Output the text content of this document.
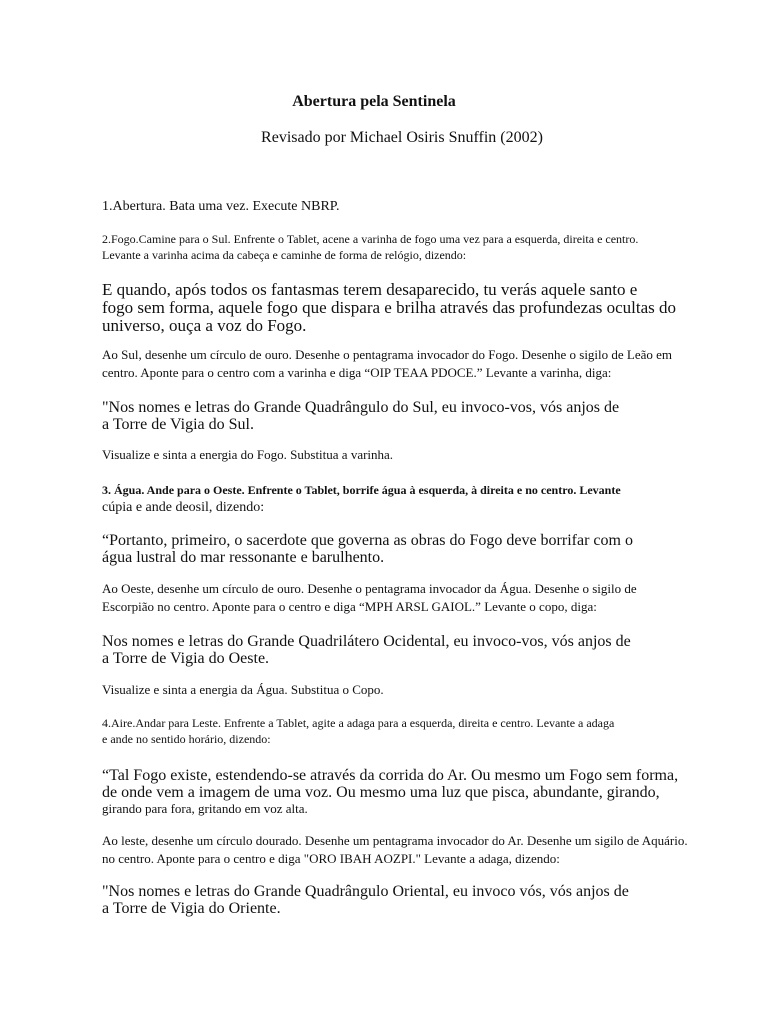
Abertura pela Sentinela
Revisado por Michael Osiris Snuffin (2002)
1.Abertura. Bata uma vez. Execute NBRP.
2.Fogo.Camine para o Sul. Enfrente o Tablet, acene a varinha de fogo uma vez para a esquerda, direita e centro.
Levante a varinha acima da cabeça e caminhe de forma de relógio, dizendo:
E quando, após todos os fantasmas terem desaparecido, tu verás aquele santo e
fogo sem forma, aquele fogo que dispara e brilha através das profundezas ocultas do
universo, ouça a voz do Fogo.
Ao Sul, desenhe um círculo de ouro. Desenhe o pentagrama invocador do Fogo. Desenhe o sigilo de Leão em
centro. Aponte para o centro com a varinha e diga “OIP TEAA PDOCE.” Levante a varinha, diga:
"Nos nomes e letras do Grande Quadrângulo do Sul, eu invoco-vos, vós anjos de
a Torre de Vigia do Sul.
Visualize e sinta a energia do Fogo. Substitua a varinha.
3. Água. Ande para o Oeste. Enfrente o Tablet, borrife água à esquerda, à direita e no centro. Levante
cúpia e ande deosil, dizendo:
“Portanto, primeiro, o sacerdote que governa as obras do Fogo deve borrifar com o
água lustral do mar ressonante e barulhento.
Ao Oeste, desenhe um círculo de ouro. Desenhe o pentagrama invocador da Água. Desenhe o sigilo de
Escorpião no centro. Aponte para o centro e diga “MPH ARSL GAIOL.” Levante o copo, diga:
Nos nomes e letras do Grande Quadrilátero Ocidental, eu invoco-vos, vós anjos de
a Torre de Vigia do Oeste.
Visualize e sinta a energia da Água. Substitua o Copo.
4.Aire.Andar para Leste. Enfrente a Tablet, agite a adaga para a esquerda, direita e centro. Levante a adaga
e ande no sentido horário, dizendo:
“Tal Fogo existe, estendendo-se através da corrida do Ar. Ou mesmo um Fogo sem forma,
de onde vem a imagem de uma voz. Ou mesmo uma luz que pisca, abundante, girando,
girando para fora, gritando em voz alta.
Ao leste, desenhe um círculo dourado. Desenhe um pentagrama invocador do Ar. Desenhe um sigilo de Aquário.
no centro. Aponte para o centro e diga "ORO IBAH AOZPI." Levante a adaga, dizendo:
"Nos nomes e letras do Grande Quadrângulo Oriental, eu invoco vós, vós anjos de
a Torre de Vigia do Oriente.
